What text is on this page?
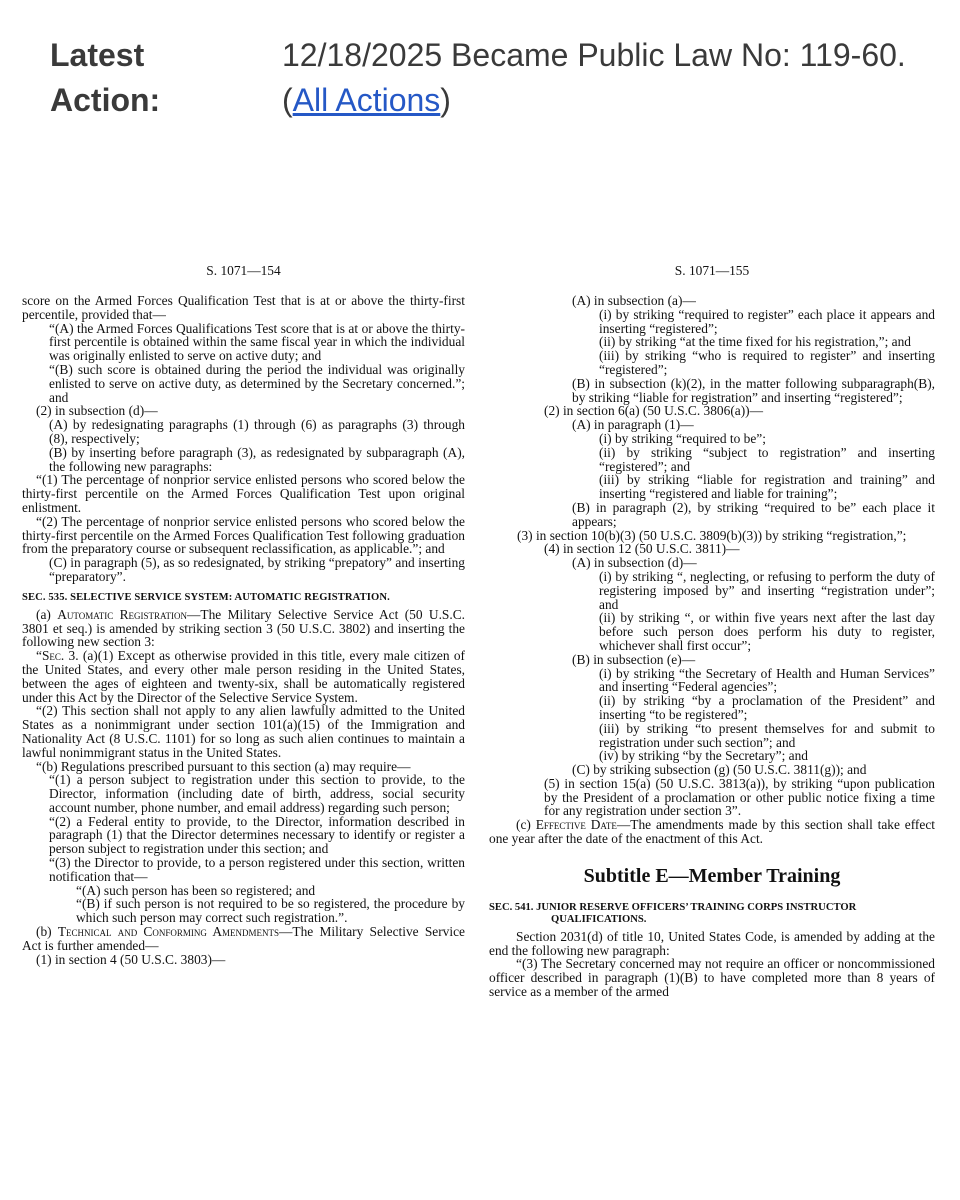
Latest Action:
12/18/2025 Became Public Law No: 119-60. (All Actions)
S. 1071—154

score on the Armed Forces Qualification Test that is at or above the thirty-first percentile, provided that—

“(A) the Armed Forces Qualifications Test score that is at or above the thirty-first percentile is obtained within the same fiscal year in which the individual was originally enlisted to serve on active duty; and

“(B) such score is obtained during the period the individual was originally enlisted to serve on active duty, as determined by the Secretary concerned.”; and

(2) in subsection (d)—

(A) by redesignating paragraphs (1) through (6) as paragraphs (3) through (8), respectively;

(B) by inserting before paragraph (3), as redesignated by subparagraph (A), the following new paragraphs:

“(1) The percentage of nonprior service enlisted persons who scored below the thirty-first percentile on the Armed Forces Qualification Test upon original enlistment.

“(2) The percentage of nonprior service enlisted persons who scored below the thirty-first percentile on the Armed Forces Qualification Test following graduation from the preparatory course or subsequent reclassification, as applicable.”; and

(C) in paragraph (5), as so redesignated, by striking “prepatory” and inserting “preparatory”.

SEC. 535. SELECTIVE SERVICE SYSTEM: AUTOMATIC REGISTRATION.

(a) Automatic Registration—The Military Selective Service Act (50 U.S.C. 3801 et seq.) is amended by striking section 3 (50 U.S.C. 3802) and inserting the following new section 3:

“Sec. 3. (a)(1) Except as otherwise provided in this title, every male citizen of the United States, and every other male person residing in the United States, between the ages of eighteen and twenty-six, shall be automatically registered under this Act by the Director of the Selective Service System.

“(2) This section shall not apply to any alien lawfully admitted to the United States as a nonimmigrant under section 101(a)(15) of the Immigration and Nationality Act (8 U.S.C. 1101) for so long as such alien continues to maintain a lawful nonimmigrant status in the United States.

“(b) Regulations prescribed pursuant to this section (a) may require—

“(1) a person subject to registration under this section to provide, to the Director, information (including date of birth, address, social security account number, phone number, and email address) regarding such person;

“(2) a Federal entity to provide, to the Director, information described in paragraph (1) that the Director determines necessary to identify or register a person subject to registration under this section; and

“(3) the Director to provide, to a person registered under this section, written notification that—

“(A) such person has been so registered; and

“(B) if such person is not required to be so registered, the procedure by which such person may correct such registration.”.

(b) Technical and Conforming Amendments—The Military Selective Service Act is further amended—

(1) in section 4 (50 U.S.C. 3803)—

S. 1071—155

(A) in subsection (a)—

(i) by striking “required to register” each place it appears and inserting “registered”;

(ii) by striking “at the time fixed for his registration,”; and

(iii) by striking “who is required to register” and inserting “registered”;

(B) in subsection (k)(2), in the matter following subparagraph(B), by striking “liable for registration” and inserting “registered”;

(2) in section 6(a) (50 U.S.C. 3806(a))—

(A) in paragraph (1)—

(i) by striking “required to be”;

(ii) by striking “subject to registration” and inserting “registered”; and

(iii) by striking “liable for registration and training” and inserting “registered and liable for training”;

(B) in paragraph (2), by striking “required to be” each place it appears;

(3) in section 10(b)(3) (50 U.S.C. 3809(b)(3)) by striking “registration,”;

(4) in section 12 (50 U.S.C. 3811)—

(A) in subsection (d)—

(i) by striking “, neglecting, or refusing to perform the duty of registering imposed by” and inserting “registration under”; and

(ii) by striking “, or within five years next after the last day before such person does perform his duty to register, whichever shall first occur”;

(B) in subsection (e)—

(i) by striking “the Secretary of Health and Human Services” and inserting “Federal agencies”;

(ii) by striking “by a proclamation of the President” and inserting “to be registered”;

(iii) by striking “to present themselves for and submit to registration under such section”; and

(iv) by striking “by the Secretary”; and

(C) by striking subsection (g) (50 U.S.C. 3811(g)); and

(5) in section 15(a) (50 U.S.C. 3813(a)), by striking “upon publication by the President of a proclamation or other public notice fixing a time for any registration under section 3”.

(c) Effective Date—The amendments made by this section shall take effect one year after the date of the enactment of this Act.

Subtitle E—Member Training
SEC. 541. JUNIOR RESERVE OFFICERS’ TRAINING CORPS INSTRUCTOR QUALIFICATIONS.

Section 2031(d) of title 10, United States Code, is amended by adding at the end the following new paragraph:

“(3) The Secretary concerned may not require an officer or noncommissioned officer described in paragraph (1)(B) to have completed more than 8 years of service as a member of the armed
